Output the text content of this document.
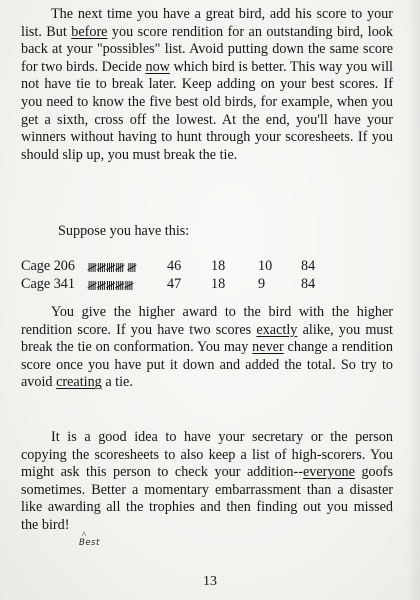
The next time you have a great bird, add his score to your list. But before you score rendition for an outstanding bird, look back at your "possibles" list. Avoid putting down the same score for two birds. Decide now which bird is better. This way you will not have tie to break later. Keep adding on your best scores. If you need to know the five best old birds, for example, when you get a sixth, cross off the lowest. At the end, you'll have your winners without having to hunt through your scoresheets. If you should slip up, you must break the tie.
Suppose you have this:
Cage 206 𝍸𝍸𝍸𝍸 𝍸 46 18 10 84
Cage 341 𝍸𝍸𝍸𝍸𝍸 47 18 9	84
You give the higher award to the bird with the higher rendition score. If you have two scores exactly alike, you must break the tie on conformation. You may never change a rendition score once you have put it down and added the total. So try to avoid creating a tie.
It is a good idea to have your secretary or the person copying the scoresheets to also keep a list of high-scorers. You might ask this person to check your addition--everyone goofs sometimes. Better a momentary embarrassment than a disaster like awarding all the trophies and then finding out you missed the bird!
^
Best
13
